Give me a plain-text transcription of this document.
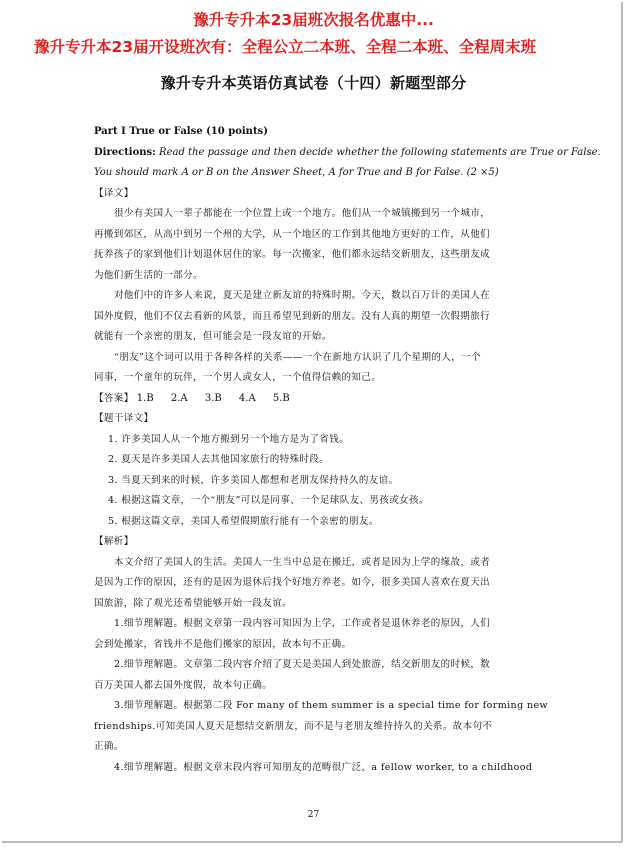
豫升专升本23届班次报名优惠中...
豫升专升本23届开设班次有：全程公立二本班、全程二本班、全程周末班
豫升专升本英语仿真试卷（十四）新题型部分
Part I True or False (10 points)
Directions: Read the passage and then decide whether the following statements are True or False.
You should mark A or B on the Answer Sheet, A for True and B for False. (2 ×5)
【译文】
很少有美国人一辈子都能在一个位置上或一个地方。他们从一个城镇搬到另一个城市，
再搬到郊区，从高中到另一个州的大学，从一个地区的工作到其他地方更好的工作，从他们
抚养孩子的家到他们计划退休居住的家。每一次搬家，他们都永远结交新朋友，这些朋友成
为他们新生活的一部分。
对他们中的许多人来说，夏天是建立新友谊的特殊时期。今天，数以百万计的美国人在
国外度假，他们不仅去看新的风景，而且希望见到新的朋友。没有人真的期望一次假期旅行
就能有一个亲密的朋友，但可能会是一段友谊的开始。
“朋友”这个词可以用于各种各样的关系——一个在新地方认识了几个星期的人，一个
同事，一个童年的玩伴，一个男人或女人，一个值得信赖的知己。
【答案】 1.B 2.A 3.B 4.A 5.B
【题干译文】
1. 许多美国人从一个地方搬到另一个地方是为了省钱。
2. 夏天是许多美国人去其他国家旅行的特殊时段。
3. 当夏天到来的时候，许多美国人都想和老朋友保持持久的友谊。
4. 根据这篇文章，一个“朋友”可以是同事、一个足球队友、男孩或女孩。
5. 根据这篇文章，美国人希望假期旅行能有一个亲密的朋友。
【解析】
本文介绍了美国人的生活。美国人一生当中总是在搬迁，或者是因为上学的缘故，或者
是因为工作的原因，还有的是因为退休后找个好地方养老。如今，很多美国人喜欢在夏天出
国旅游，除了观光还希望能够开始一段友谊。
1.细节理解题。根据文章第一段内容可知因为上学，工作或者是退休养老的原因，人们
会到处搬家，省钱并不是他们搬家的原因，故本句不正确。
2.细节理解题。文章第二段内容介绍了夏天是美国人到处旅游，结交新朋友的时候，数
百万美国人都去国外度假，故本句正确。
3.细节理解题。根据第二段 For many of them summer is a special time for forming new
friendships.可知美国人夏天是想结交新朋友，而不是与老朋友维持持久的关系。故本句不
正确。
4.细节理解题。根据文章末段内容可知朋友的范畴很广泛，a fellow worker, to a childhood
27
